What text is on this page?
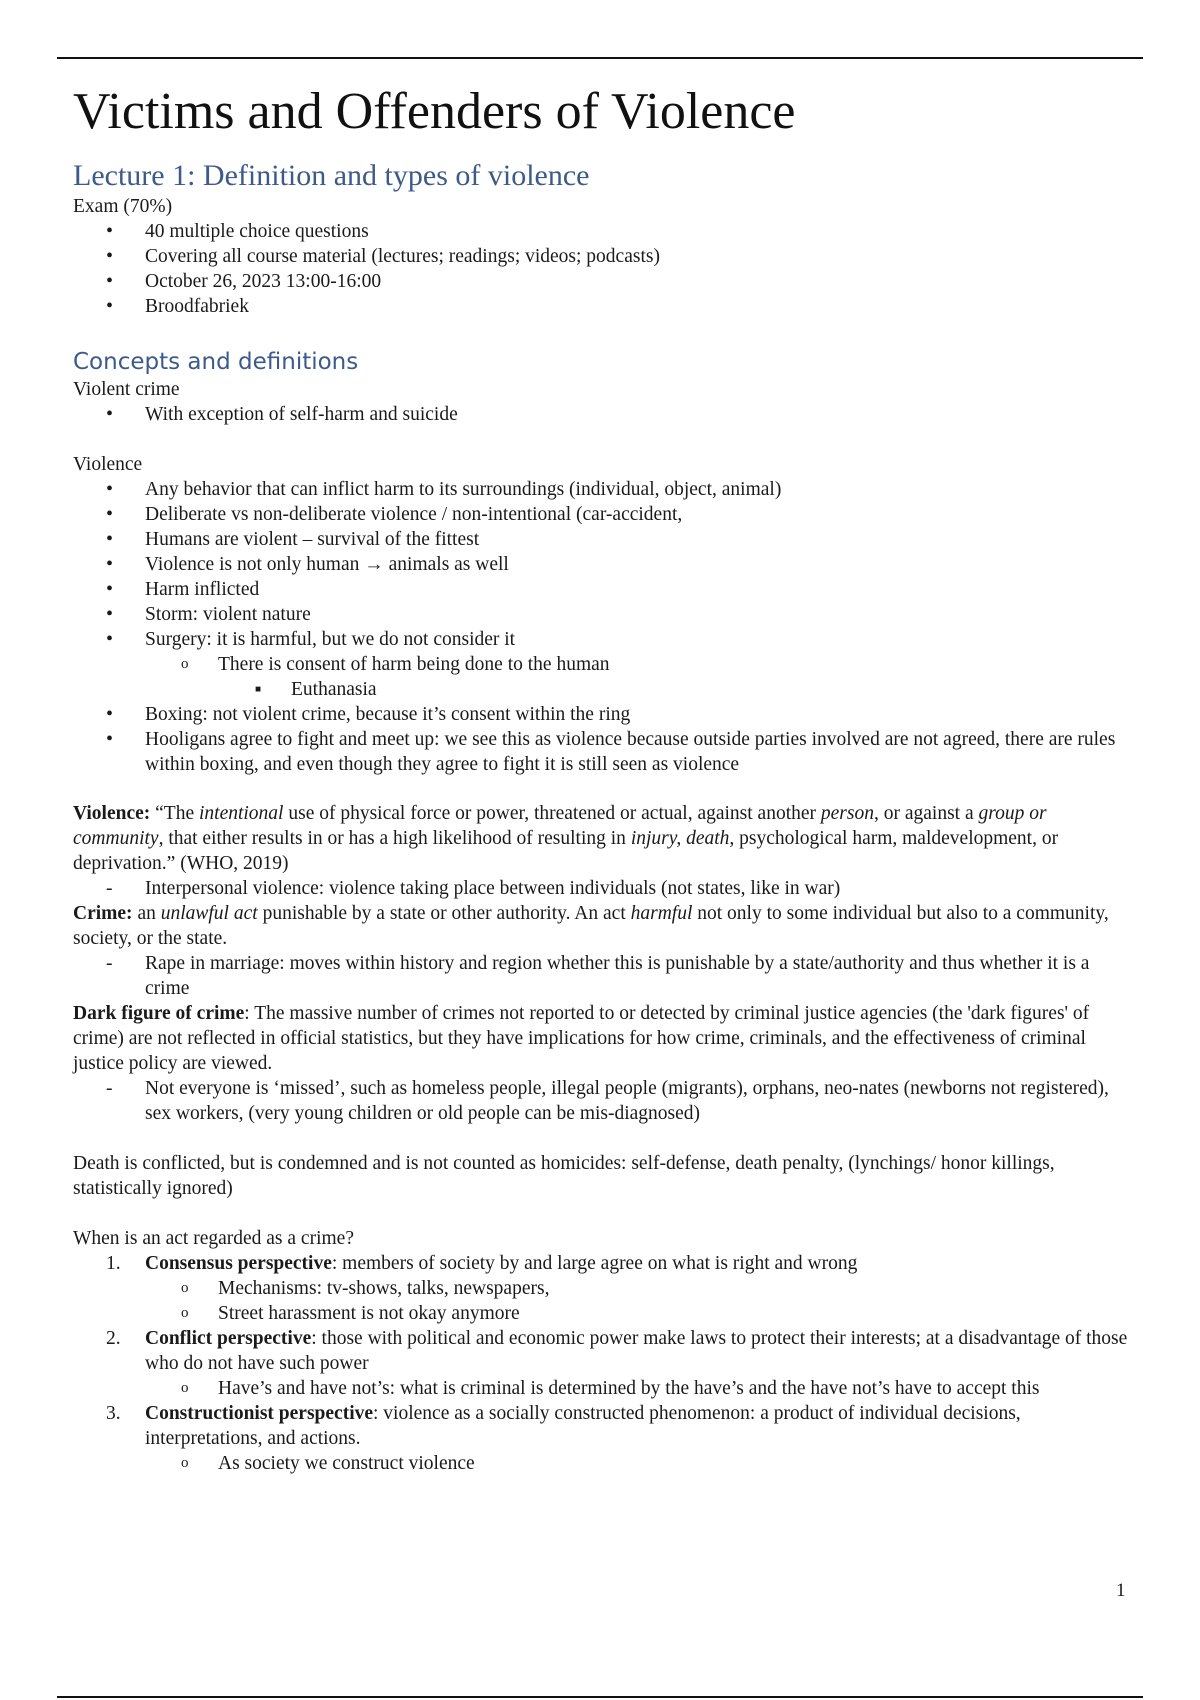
Victims and Offenders of Violence
Lecture 1: Definition and types of violence

Exam (70%)

• 40 multiple choice questions
• Covering all course material (lectures; readings; videos; podcasts)
• October 26, 2023 13:00-16:00
• Broodfabriek
Concepts and definitions

Violent crime

• With exception of self-harm and suicide

Violence

• Any behavior that can inflict harm to its surroundings (individual, object, animal)
• Deliberate vs non-deliberate violence / non-intentional (car-accident,
• Humans are violent – survival of the fittest
• Violence is not only human → animals as well
• Harm inflicted
• Storm: violent nature
• Surgery: it is harmful, but we do not consider it
o There is consent of harm being done to the human
■ Euthanasia
• Boxing: not violent crime, because it’s consent within the ring
• Hooligans agree to fight and meet up: we see this as violence because outside parties involved are not agreed, there are rules within boxing, and even though they agree to fight it is still seen as violence

Violence: “The intentional use of physical force or power, threatened or actual, against another person, or against a group or community, that either results in or has a high likelihood of resulting in injury, death, psychological harm, maldevelopment, or deprivation.” (WHO, 2019)

- Interpersonal violence: violence taking place between individuals (not states, like in war)

Crime: an unlawful act punishable by a state or other authority. An act harmful not only to some individual but also to a community, society, or the state.

- Rape in marriage: moves within history and region whether this is punishable by a state/authority and thus whether it is a crime

Dark figure of crime: The massive number of crimes not reported to or detected by criminal justice agencies (the 'dark figures' of crime) are not reflected in official statistics, but they have implications for how crime, criminals, and the effectiveness of criminal justice policy are viewed.

- Not everyone is ‘missed’, such as homeless people, illegal people (migrants), orphans, neo-nates (newborns not registered), sex workers, (very young children or old people can be mis-diagnosed)

Death is conflicted, but is condemned and is not counted as homicides: self-defense, death penalty, (lynchings/ honor killings, statistically ignored)

When is an act regarded as a crime?

1. Consensus perspective: members of society by and large agree on what is right and wrong
o Mechanisms: tv-shows, talks, newspapers,
o Street harassment is not okay anymore
2. Conflict perspective: those with political and economic power make laws to protect their interests; at a disadvantage of those who do not have such power
o Have’s and have not’s: what is criminal is determined by the have’s and the have not’s have to accept this
3. Constructionist perspective: violence as a socially constructed phenomenon: a product of individual decisions, interpretations, and actions.
o As society we construct violence
1
